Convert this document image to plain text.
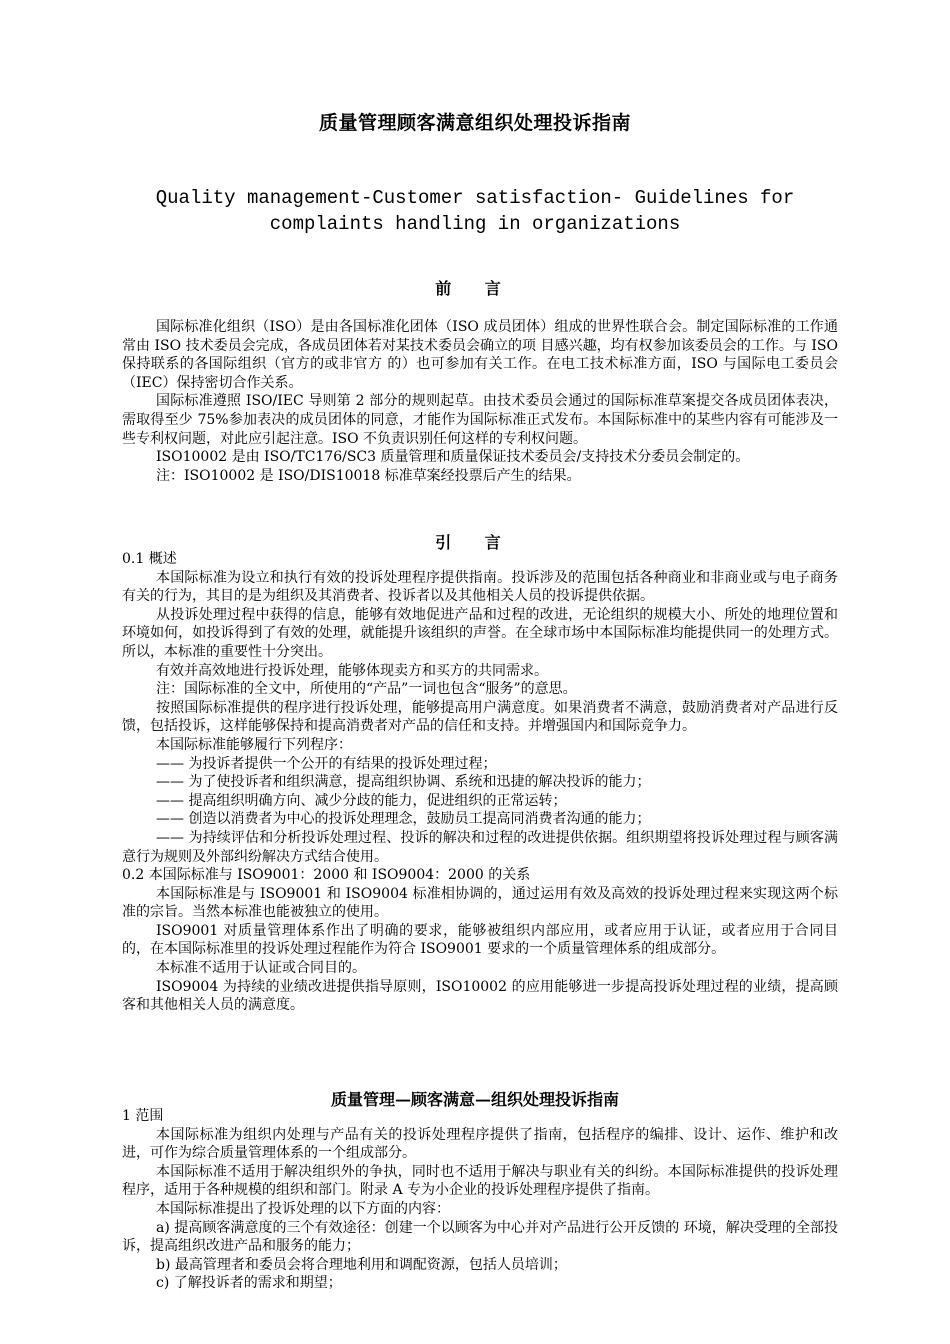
质量管理顾客满意组织处理投诉指南
Quality management-Customer satisfaction- Guidelines for
complaints handling in organizations
前 言

国际标准化组织（ISO）是由各国标准化团体（ISO 成员团体）组成的世界性联合会。制定国际标准的工作通常由 ISO 技术委员会完成，各成员团体若对某技术委员会确立的项 目感兴趣，均有权参加该委员会的工作。与 ISO 保持联系的各国际组织（官方的或非官方 的）也可参加有关工作。在电工技术标准方面，ISO 与国际电工委员会（IEC）保持密切合作关系。

国际标准遵照 ISO/IEC 导则第 2 部分的规则起草。由技术委员会通过的国际标准草案提交各成员团体表决，需取得至少 75%参加表决的成员团体的同意，才能作为国际标准正式发布。本国际标准中的某些内容有可能涉及一些专利权问题，对此应引起注意。ISO 不负责识别任何这样的专利权问题。

ISO10002 是由 ISO/TC176/SC3 质量管理和质量保证技术委员会/支持技术分委员会制定的。

注：ISO10002 是 ISO/DIS10018 标准草案经投票后产生的结果。

引 言

0.1 概述

本国际标准为设立和执行有效的投诉处理程序提供指南。投诉涉及的范围包括各种商业和非商业或与电子商务有关的行为，其目的是为组织及其消费者、投诉者以及其他相关人员的投诉提供依据。

从投诉处理过程中获得的信息，能够有效地促进产品和过程的改进，无论组织的规模大小、所处的地理位置和环境如何，如投诉得到了有效的处理，就能提升该组织的声誉。在全球市场中本国际标准均能提供同一的处理方式。所以，本标准的重要性十分突出。

有效并高效地进行投诉处理，能够体现卖方和买方的共同需求。

注：国际标准的全文中，所使用的“产品”一词也包含“服务”的意思。

按照国际标准提供的程序进行投诉处理，能够提高用户满意度。如果消费者不满意，鼓励消费者对产品进行反馈，包括投诉，这样能够保持和提高消费者对产品的信任和支持。并增强国内和国际竞争力。

本国际标准能够履行下列程序：

—— 为投诉者提供一个公开的有结果的投诉处理过程；

—— 为了使投诉者和组织满意，提高组织协调、系统和迅捷的解决投诉的能力；

—— 提高组织明确方向、减少分歧的能力，促进组织的正常运转；

—— 创造以消费者为中心的投诉处理理念，鼓励员工提高同消费者沟通的能力；

—— 为持续评估和分析投诉处理过程、投诉的解决和过程的改进提供依据。组织期望将投诉处理过程与顾客满意行为规则及外部纠纷解决方式结合使用。

0.2 本国际标准与 ISO9001：2000 和 ISO9004：2000 的关系

本国际标准是与 ISO9001 和 ISO9004 标准相协调的，通过运用有效及高效的投诉处理过程来实现这两个标准的宗旨。当然本标准也能被独立的使用。

ISO9001 对质量管理体系作出了明确的要求，能够被组织内部应用，或者应用于认证，或者应用于合同目的，在本国际标准里的投诉处理过程能作为符合 ISO9001 要求的一个质量管理体系的组成部分。

本标准不适用于认证或合同目的。

ISO9004 为持续的业绩改进提供指导原则，ISO10002 的应用能够进一步提高投诉处理过程的业绩，提高顾客和其他相关人员的满意度。

质量管理—顾客满意—组织处理投诉指南

1 范围

本国际标准为组织内处理与产品有关的投诉处理程序提供了指南，包括程序的编排、设计、运作、维护和改进，可作为综合质量管理体系的一个组成部分。

本国际标准不适用于解决组织外的争执，同时也不适用于解决与职业有关的纠纷。本国际标准提供的投诉处理程序，适用于各种规模的组织和部门。附录 A 专为小企业的投诉处理程序提供了指南。

本国际标准提出了投诉处理的以下方面的内容：

a) 提高顾客满意度的三个有效途径：创建一个以顾客为中心并对产品进行公开反馈的 环境，解决受理的全部投诉，提高组织改进产品和服务的能力；

b) 最高管理者和委员会将合理地利用和调配资源，包括人员培训；

c) 了解投诉者的需求和期望；
